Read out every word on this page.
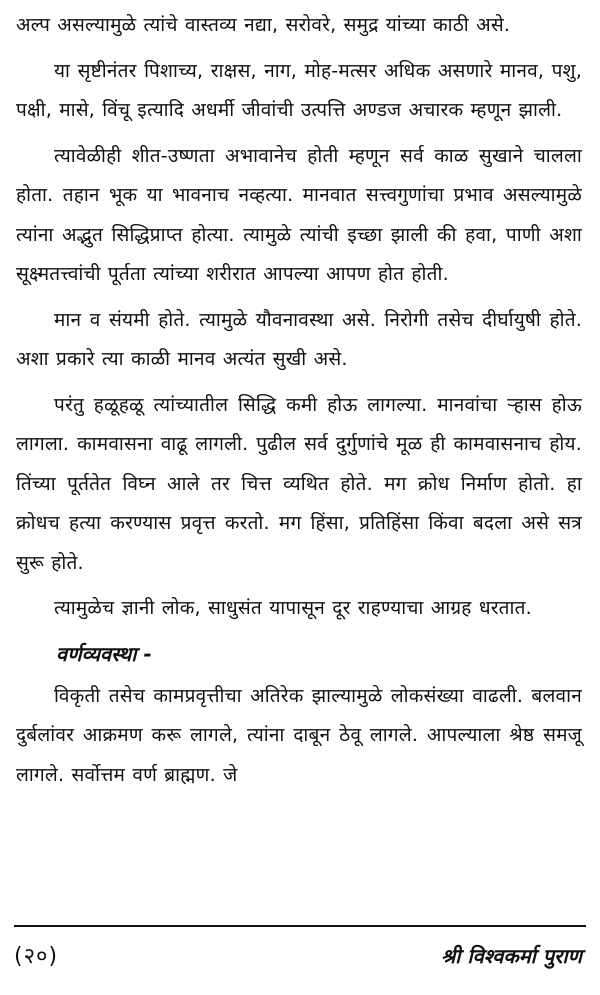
अल्प असल्यामुळे त्यांचे वास्तव्य नद्या, सरोवरे, समुद्र यांच्या काठी असे.

या सृष्टीनंतर पिशाच्य, राक्षस, नाग, मोह-मत्सर अधिक असणारे मानव, पशु, पक्षी, मासे, विंचू इत्यादि अधर्मी जीवांची उत्पत्ति अण्डज अचारक म्हणून झाली.

त्यावेळीही शीत-उष्णता अभावानेच होती म्हणून सर्व काळ सुखाने चालला होता. तहान भूक या भावनाच नव्हत्या. मानवात सत्त्वगुणांचा प्रभाव असल्यामुळे त्यांना अद्भुत सिद्धिप्राप्त होत्या. त्यामुळे त्यांची इच्छा झाली की हवा, पाणी अशा सूक्ष्मतत्त्वांची पूर्तता त्यांच्या शरीरात आपल्या आपण होत होती.

मान व संयमी होते. त्यामुळे यौवनावस्था असे. निरोगी तसेच दीर्घायुषी होते. अशा प्रकारे त्या काळी मानव अत्यंत सुखी असे.

परंतु हळूहळू त्यांच्यातील सिद्धि कमी होऊ लागल्या. मानवांचा ऱ्हास होऊ लागला. कामवासना वाढू लागली. पुढील सर्व दुर्गुणांचे मूळ ही कामवासनाच होय. तिंच्या पूर्ततेत विघ्न आले तर चित्त व्यथित होते. मग क्रोध निर्माण होतो. हा क्रोधच हत्या करण्यास प्रवृत्त करतो. मग हिंसा, प्रतिहिंसा किंवा बदला असे सत्र सुरू होते.

त्यामुळेच ज्ञानी लोक, साधुसंत यापासून दूर राहण्याचा आग्रह धरतात.

वर्णव्यवस्था -

विकृती तसेच कामप्रवृत्तीचा अतिरेक झाल्यामुळे लोकसंख्या वाढली. बलवान दुर्बलांवर आक्रमण करू लागले, त्यांना दाबून ठेवू लागले. आपल्याला श्रेष्ठ समजू लागले. सर्वोत्तम वर्ण ब्राह्मण. जे

(२०)	श्री विश्वकर्मा पुराण
